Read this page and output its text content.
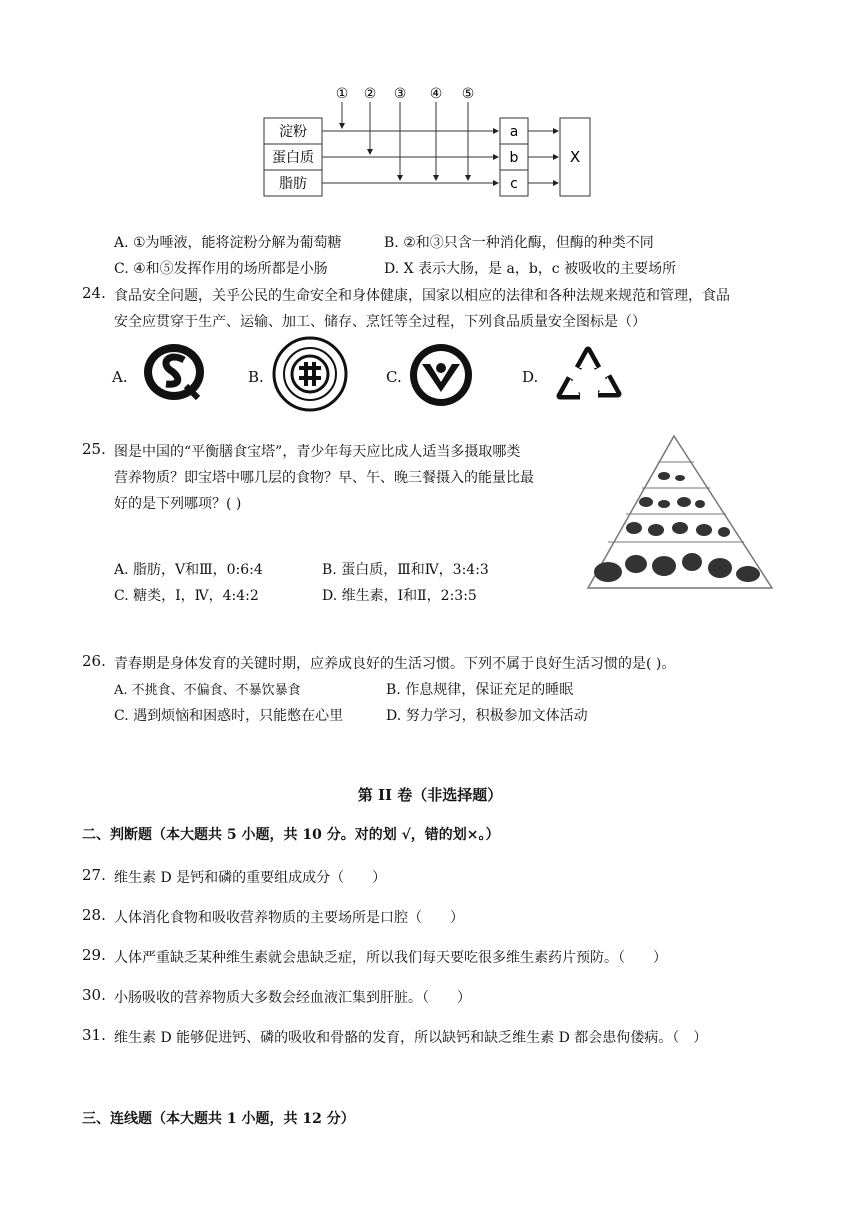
淀粉
蛋白质
脂肪
① ② ③ ④ ⑤
a
b
c
X
A. ①为唾液，能将淀粉分解为葡萄糖	B. ②和③只含一种消化酶，但酶的种类不同
C. ④和⑤发挥作用的场所都是小肠	D. X 表示大肠，是 a，b，c 被吸收的主要场所
24. 食品安全问题，关乎公民的生命安全和身体健康，国家以相应的法律和各种法规来规范和管理，食品
安全应贯穿于生产、运输、加工、储存、烹饪等全过程，下列食品质量安全图标是（）
A.	B.	C.	D.
25. 图是中国的“平衡膳食宝塔”，青少年每天应比成人适当多摄取哪类
营养物质？即宝塔中哪几层的食物？早、午、晚三餐摄入的能量比最
好的是下列哪项？( )
A. 脂肪，Ⅴ和Ⅲ，0:6:4	B. 蛋白质，Ⅲ和Ⅳ，3:4:3
C. 糖类，Ⅰ，Ⅳ，4:4:2	D. 维生素，Ⅰ和Ⅱ，2:3:5
26. 青春期是身体发育的关键时期，应养成良好的生活习惯。下列不属于良好生活习惯的是( )。
A. 不挑食、不偏食、不暴饮暴食	B. 作息规律，保证充足的睡眠
C. 遇到烦恼和困惑时，只能憋在心里	D. 努力学习，积极参加文体活动
第 II 卷（非选择题）
二、判断题（本大题共 5 小题，共 10 分。对的划 √，错的划×。）
27. 维生素 D 是钙和磷的重要组成成分（　　）
28. 人体消化食物和吸收营养物质的主要场所是口腔（　　）
29. 人体严重缺乏某种维生素就会患缺乏症，所以我们每天要吃很多维生素药片预防。（　　）
30. 小肠吸收的营养物质大多数会经血液汇集到肝脏。（　　）
31. 维生素 D 能够促进钙、磷的吸收和骨骼的发育，所以缺钙和缺乏维生素 D 都会患佝偻病。（　）
三、连线题（本大题共 1 小题，共 12 分）
